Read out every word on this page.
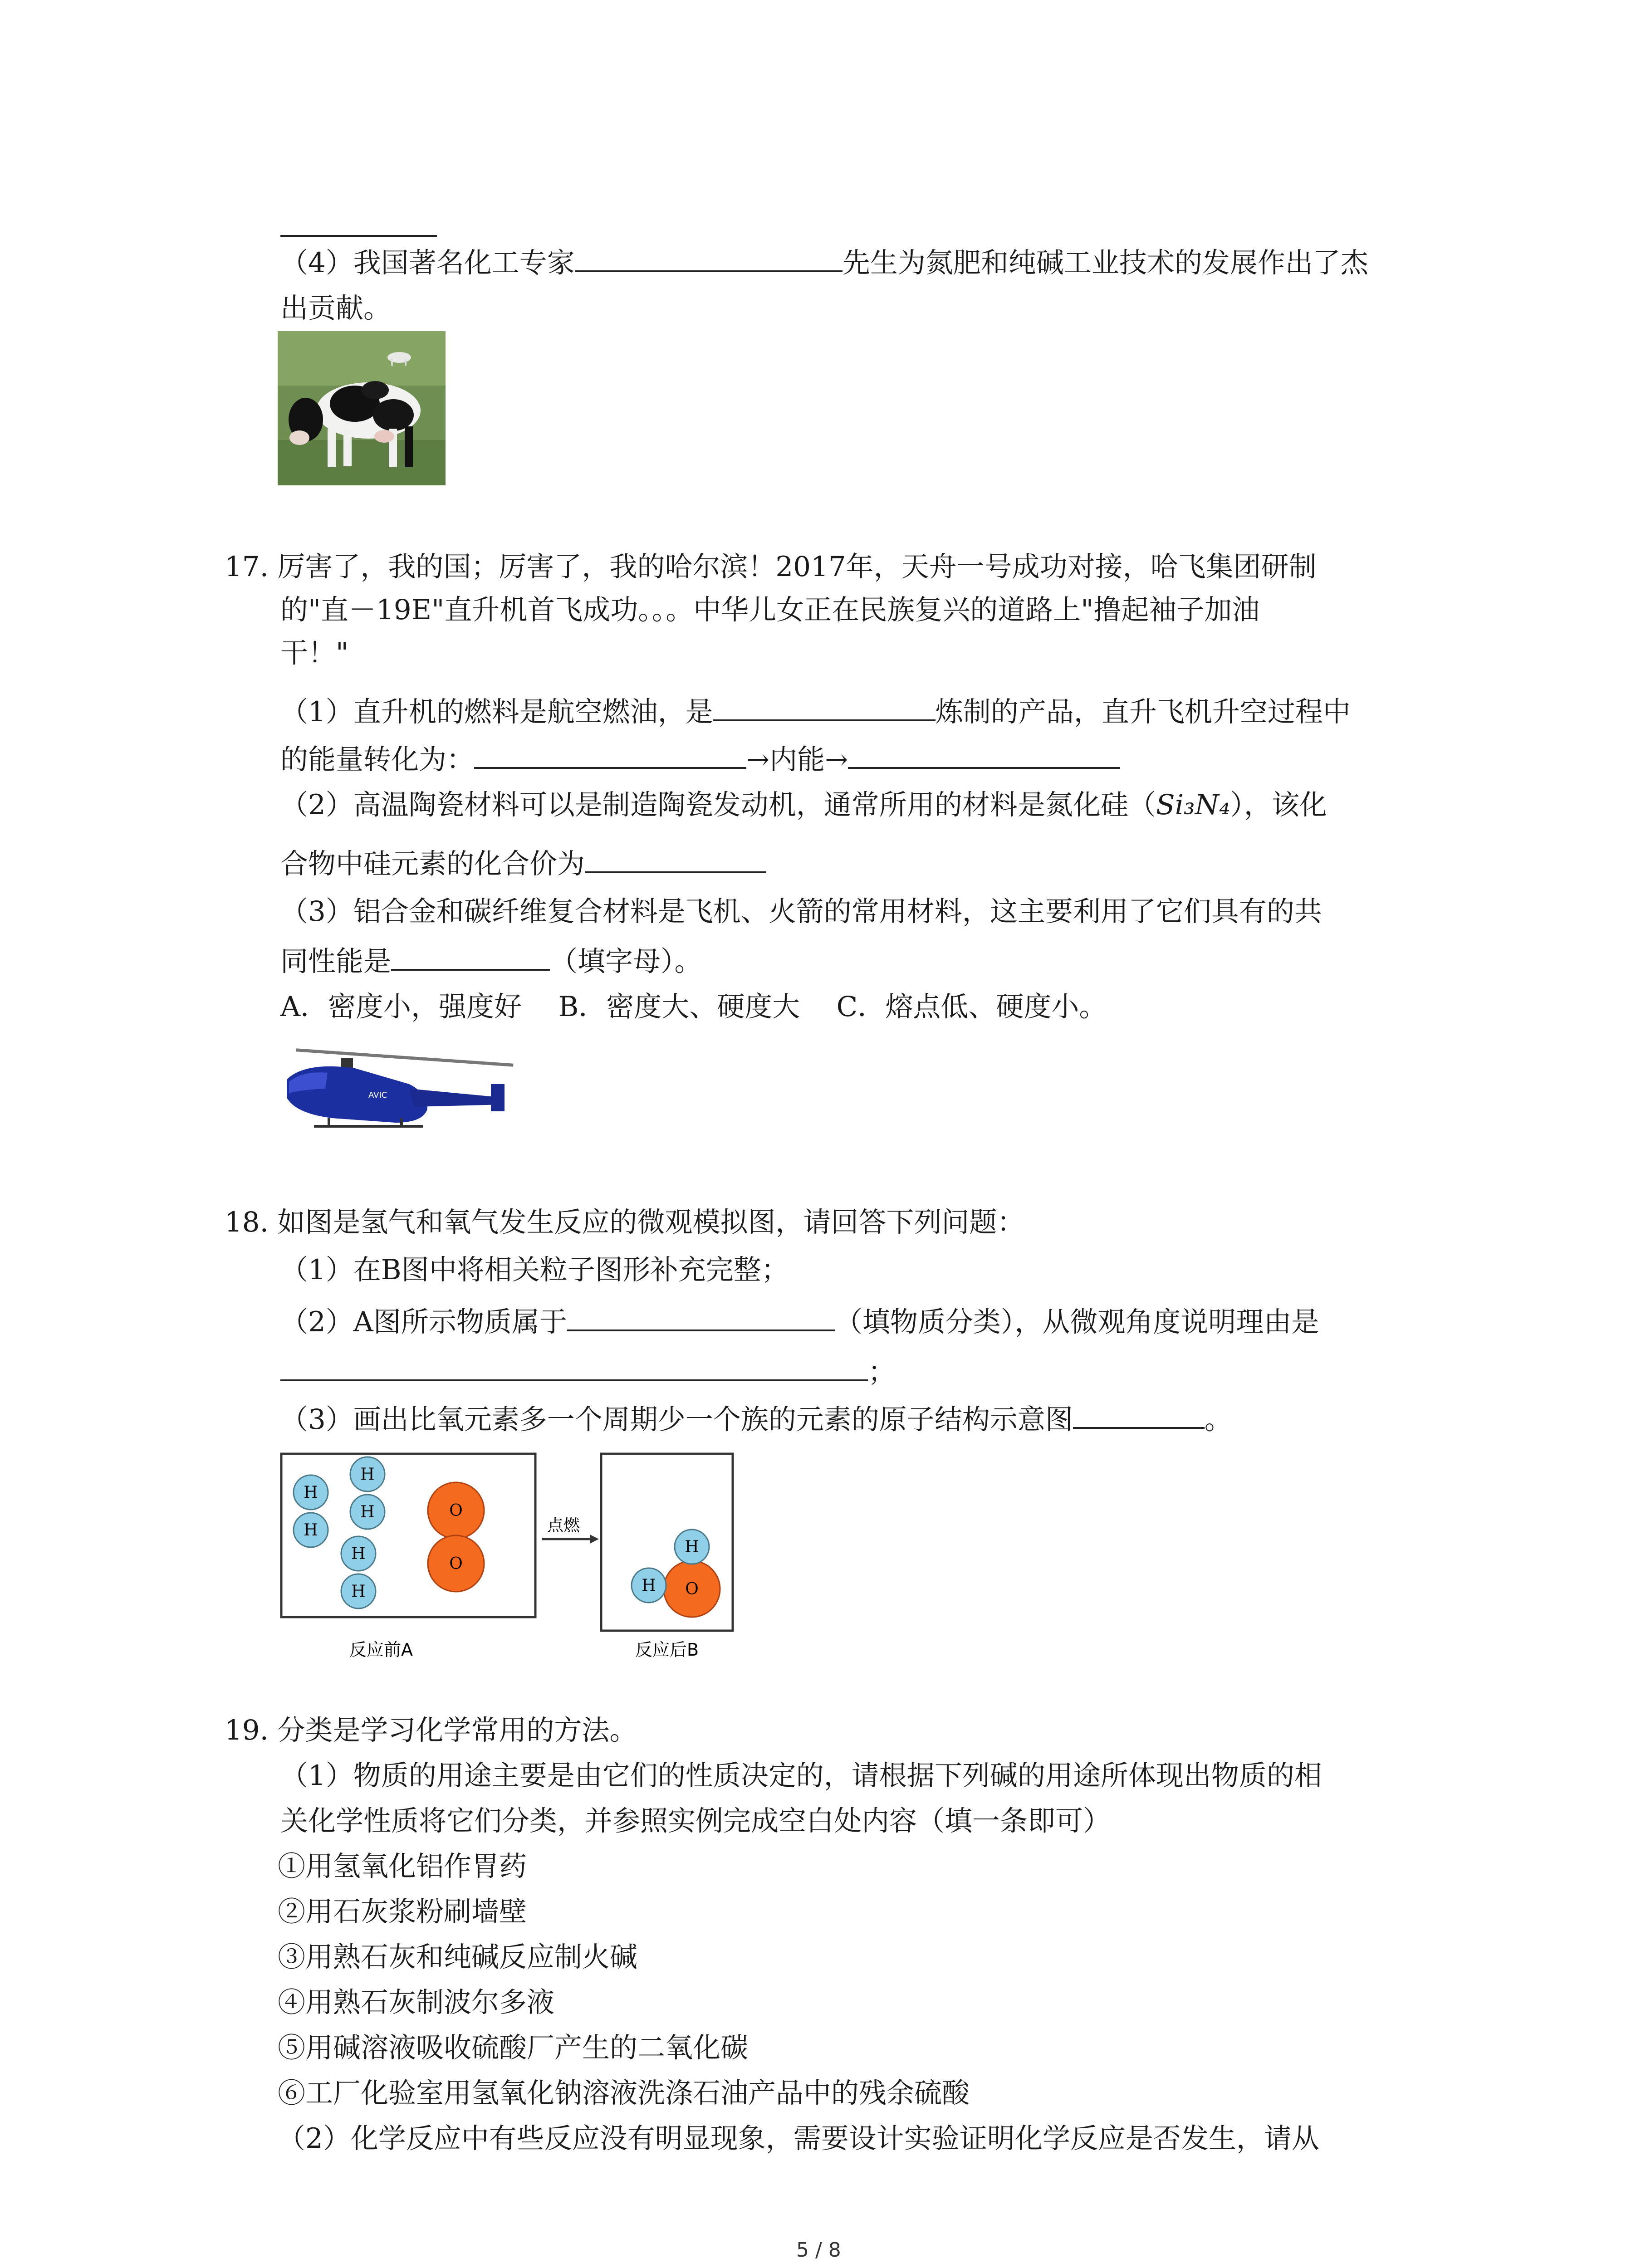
（4）我国著名化工专家	先生为氮肥和纯碱工业技术的发展作出了杰
出贡献。
17. 厉害了，我的国；厉害了，我的哈尔滨！2017年，天舟一号成功对接，哈飞集团研制
的"直－19E"直升机首飞成功。。。中华儿女正在民族复兴的道路上"撸起袖子加油
干！"
（1）直升机的燃料是航空燃油，是	炼制的产品，直升飞机升空过程中
的能量转化为：	→内能→
（2）高温陶瓷材料可以是制造陶瓷发动机，通常所用的材料是氮化硅（Si₃N₄），该化
合物中硅元素的化合价为
（3）铝合金和碳纤维复合材料是飞机、火箭的常用材料，这主要利用了它们具有的共
同性能是	（填字母）。
A．密度小，强度好　 B．密度大、硬度大　 C．熔点低、硬度小。
AVIC
18. 如图是氢气和氧气发生反应的微观模拟图，请回答下列问题：
（1）在B图中将相关粒子图形补充完整；
（2）A图所示物质属于	（填物质分类），从微观角度说明理由是
；
（3）画出比氧元素多一个周期少一个族的元素的原子结构示意图	。
H
H
H
H
H
H
O
O
点燃
O
H
H
反应前A	反应后B
19. 分类是学习化学常用的方法。
（1）物质的用途主要是由它们的性质决定的，请根据下列碱的用途所体现出物质的相
关化学性质将它们分类，并参照实例完成空白处内容（填一条即可）
①用氢氧化铝作胃药
②用石灰浆粉刷墙壁
③用熟石灰和纯碱反应制火碱
④用熟石灰制波尔多液
⑤用碱溶液吸收硫酸厂产生的二氧化碳
⑥工厂化验室用氢氧化钠溶液洗涤石油产品中的残余硫酸
（2）化学反应中有些反应没有明显现象，需要设计实验证明化学反应是否发生，请从
5 / 8
